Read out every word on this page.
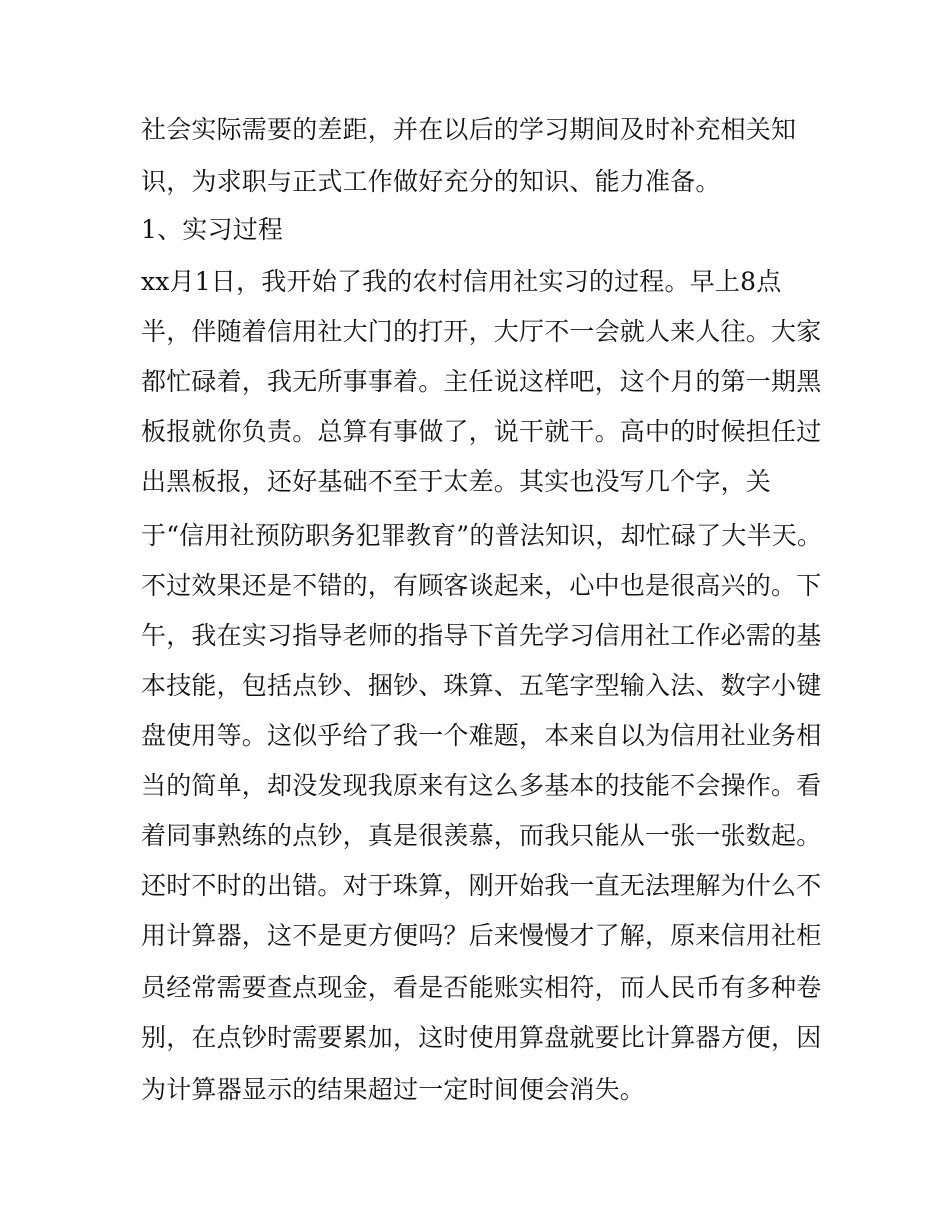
社会实际需要的差距，并在以后的学习期间及时补充相关知
识，为求职与正式工作做好充分的知识、能力准备。
1、实习过程
xx月1日，我开始了我的农村信用社实习的过程。早上8点
半，伴随着信用社大门的打开，大厅不一会就人来人往。大家
都忙碌着，我无所事事着。主任说这样吧，这个月的第一期黑
板报就你负责。总算有事做了，说干就干。高中的时候担任过
出黑板报，还好基础不至于太差。其实也没写几个字，关
于“信用社预防职务犯罪教育”的普法知识，却忙碌了大半天。
不过效果还是不错的，有顾客谈起来，心中也是很高兴的。下
午，我在实习指导老师的指导下首先学习信用社工作必需的基
本技能，包括点钞、捆钞、珠算、五笔字型输入法、数字小键
盘使用等。这似乎给了我一个难题，本来自以为信用社业务相
当的简单，却没发现我原来有这么多基本的技能不会操作。看
着同事熟练的点钞，真是很羡慕，而我只能从一张一张数起。
还时不时的出错。对于珠算，刚开始我一直无法理解为什么不
用计算器，这不是更方便吗？后来慢慢才了解，原来信用社柜
员经常需要查点现金，看是否能账实相符，而人民币有多种卷
别，在点钞时需要累加，这时使用算盘就要比计算器方便，因
为计算器显示的结果超过一定时间便会消失。
